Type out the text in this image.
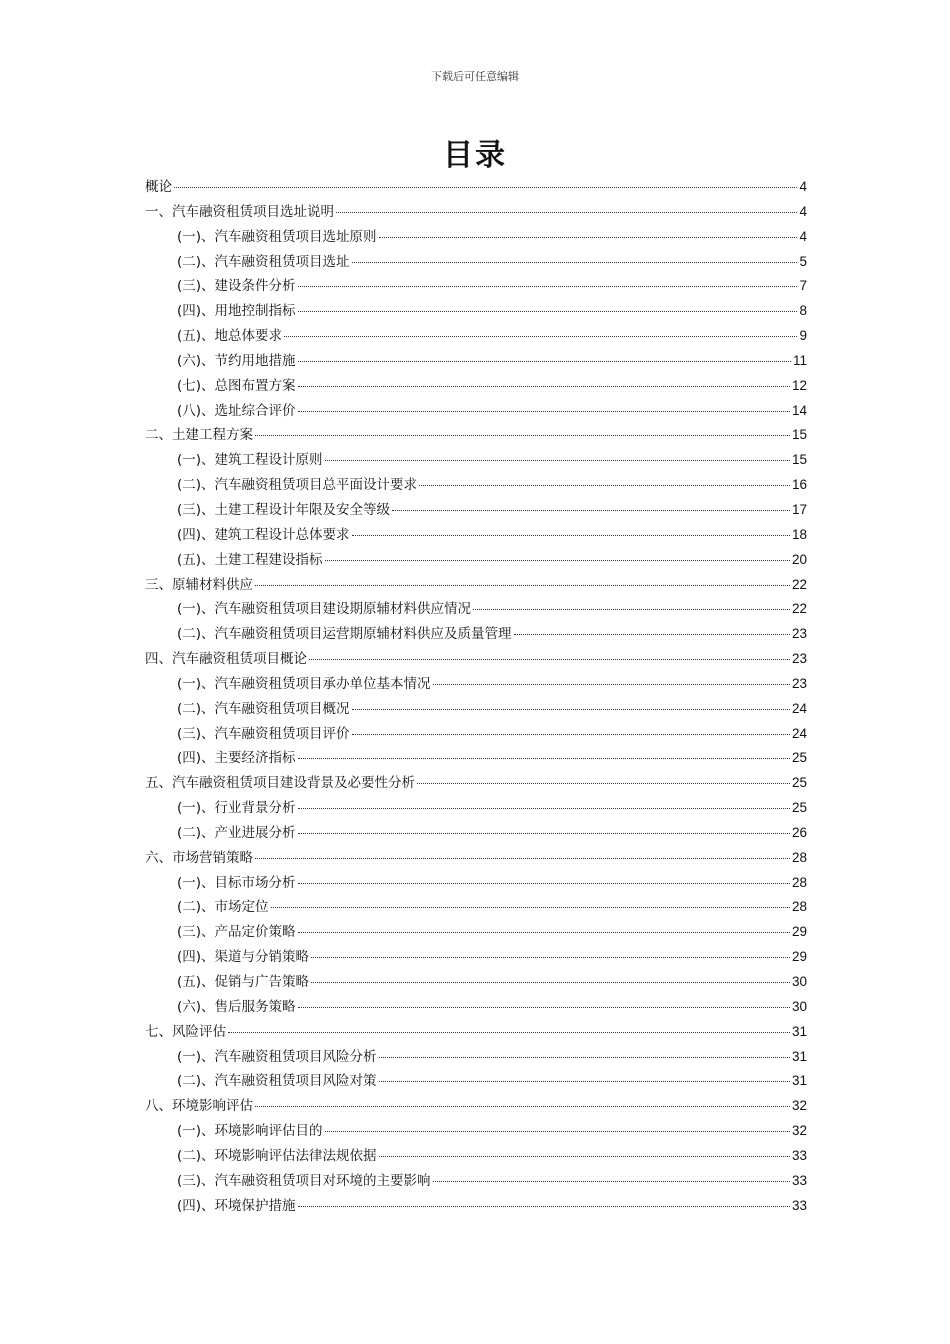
下载后可任意编辑
目录
概论	4
一、汽车融资租赁项目选址说明	4
(一)、汽车融资租赁项目选址原则	4
(二)、汽车融资租赁项目选址	5
(三)、建设条件分析	7
(四)、用地控制指标	8
(五)、地总体要求	9
(六)、节约用地措施	11
(七)、总图布置方案	12
(八)、选址综合评价	14
二、土建工程方案	15
(一)、建筑工程设计原则	15
(二)、汽车融资租赁项目总平面设计要求	16
(三)、土建工程设计年限及安全等级	17
(四)、建筑工程设计总体要求	18
(五)、土建工程建设指标	20
三、原辅材料供应	22
(一)、汽车融资租赁项目建设期原辅材料供应情况	22
(二)、汽车融资租赁项目运营期原辅材料供应及质量管理	23
四、汽车融资租赁项目概论	23
(一)、汽车融资租赁项目承办单位基本情况	23
(二)、汽车融资租赁项目概况	24
(三)、汽车融资租赁项目评价	24
(四)、主要经济指标	25
五、汽车融资租赁项目建设背景及必要性分析	25
(一)、行业背景分析	25
(二)、产业进展分析	26
六、市场营销策略	28
(一)、目标市场分析	28
(二)、市场定位	28
(三)、产品定价策略	29
(四)、渠道与分销策略	29
(五)、促销与广告策略	30
(六)、售后服务策略	30
七、风险评估	31
(一)、汽车融资租赁项目风险分析	31
(二)、汽车融资租赁项目风险对策	31
八、环境影响评估	32
(一)、环境影响评估目的	32
(二)、环境影响评估法律法规依据	33
(三)、汽车融资租赁项目对环境的主要影响	33
(四)、环境保护措施	33
